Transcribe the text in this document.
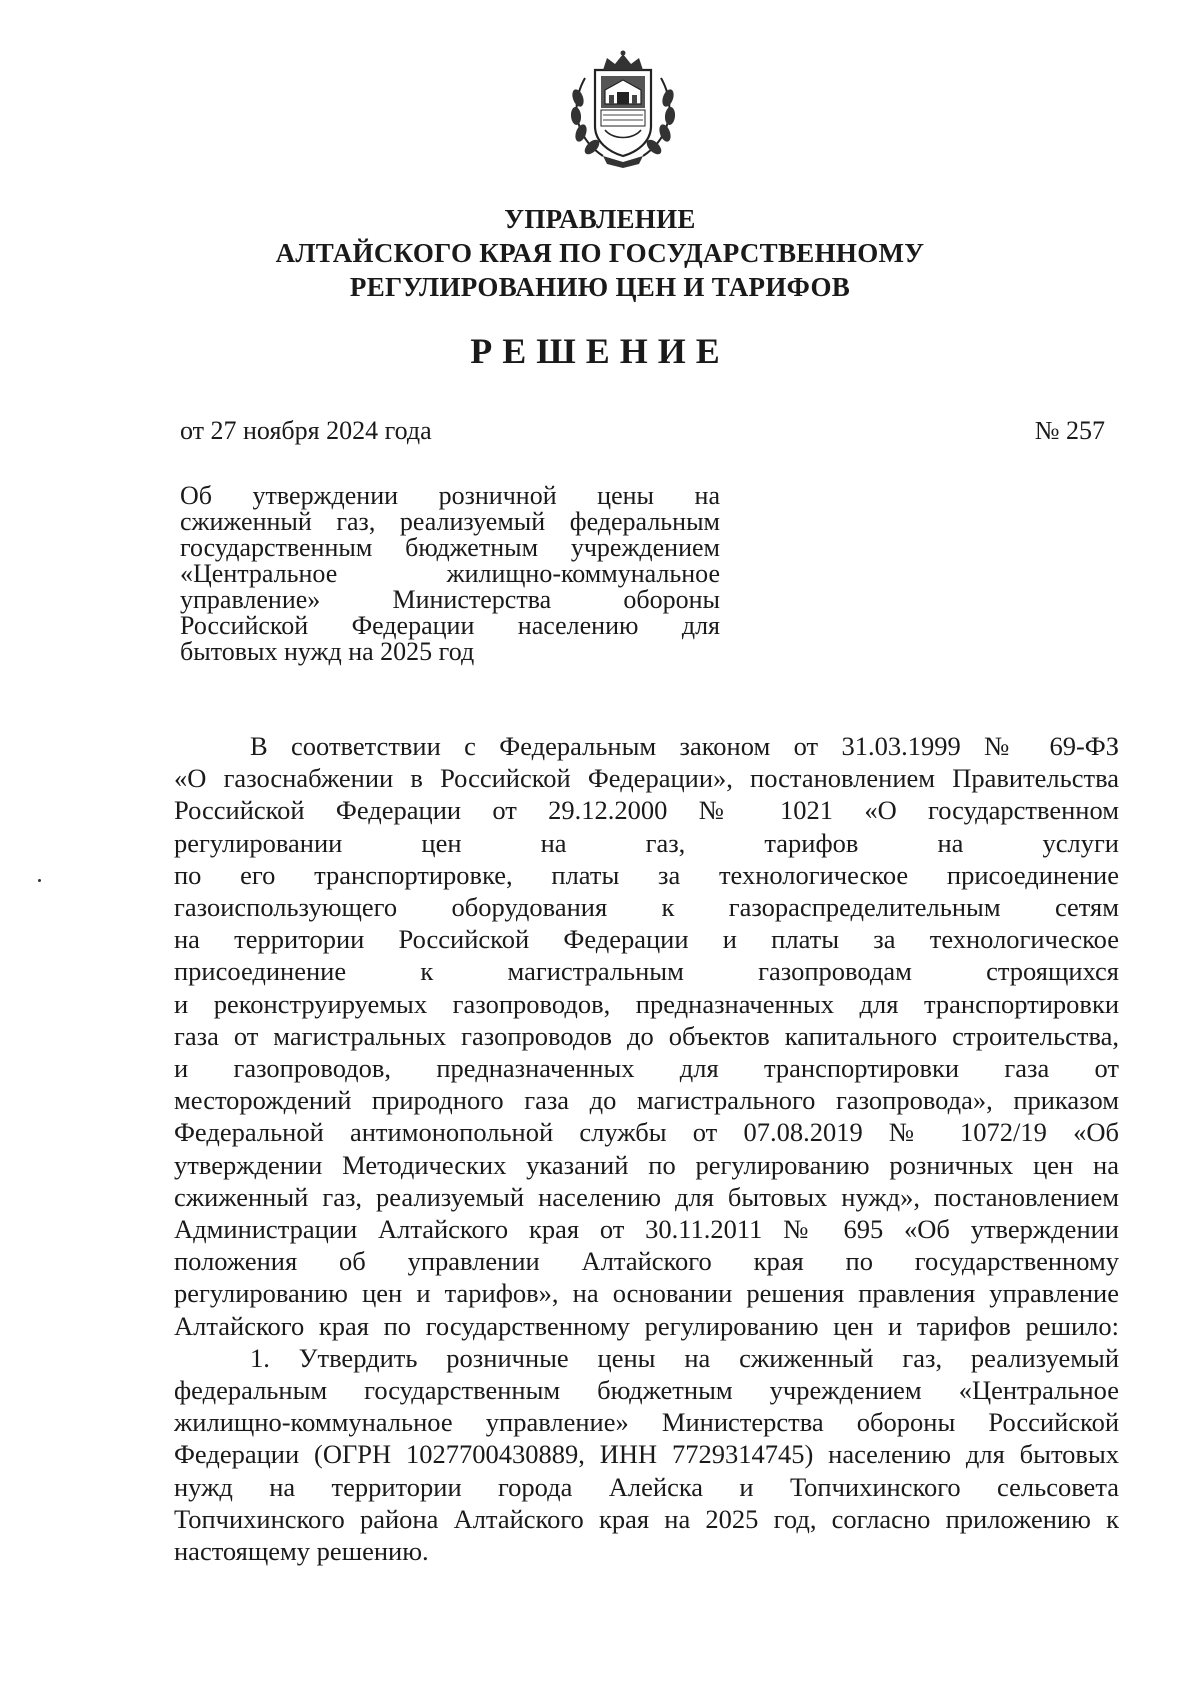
УПРАВЛЕНИЕ
АЛТАЙСКОГО КРАЯ ПО ГОСУДАРСТВЕННОМУ
РЕГУЛИРОВАНИЮ ЦЕН И ТАРИФОВ
РЕШЕНИЕ
от 27 ноября 2024 года	№ 257
Об утверждении розничной цены на
сжиженный газ, реализуемый федеральным
государственным бюджетным учреждением
«Центральное жилищно-коммунальное
управление» Министерства обороны
Российской Федерации населению для
бытовых нужд на 2025 год
В соответствии с Федеральным законом от 31.03.1999 № 69-ФЗ
«О газоснабжении в Российской Федерации», постановлением Правительства
Российской Федерации от 29.12.2000 № 1021 «О государственном
регулировании цен на газ, тарифов на услуги
по его транспортировке, платы за технологическое присоединение
газоиспользующего оборудования к газораспределительным сетям
на территории Российской Федерации и платы за технологическое
присоединение к магистральным газопроводам строящихся
и реконструируемых газопроводов, предназначенных для транспортировки
газа от магистральных газопроводов до объектов капитального строительства,
и газопроводов, предназначенных для транспортировки газа от
месторождений природного газа до магистрального газопровода», приказом
Федеральной антимонопольной службы от 07.08.2019 № 1072/19 «Об
утверждении Методических указаний по регулированию розничных цен на
сжиженный газ, реализуемый населению для бытовых нужд», постановлением
Администрации Алтайского края от 30.11.2011 № 695 «Об утверждении
положения об управлении Алтайского края по государственному
регулированию цен и тарифов», на основании решения правления управление
Алтайского края по государственному регулированию цен и тарифов решило:
1. Утвердить розничные цены на сжиженный газ, реализуемый
федеральным государственным бюджетным учреждением «Центральное
жилищно-коммунальное управление» Министерства обороны Российской
Федерации (ОГРН 1027700430889, ИНН 7729314745) населению для бытовых
нужд на территории города Алейска и Топчихинского сельсовета
Топчихинского района Алтайского края на 2025 год, согласно приложению к
настоящему решению.
